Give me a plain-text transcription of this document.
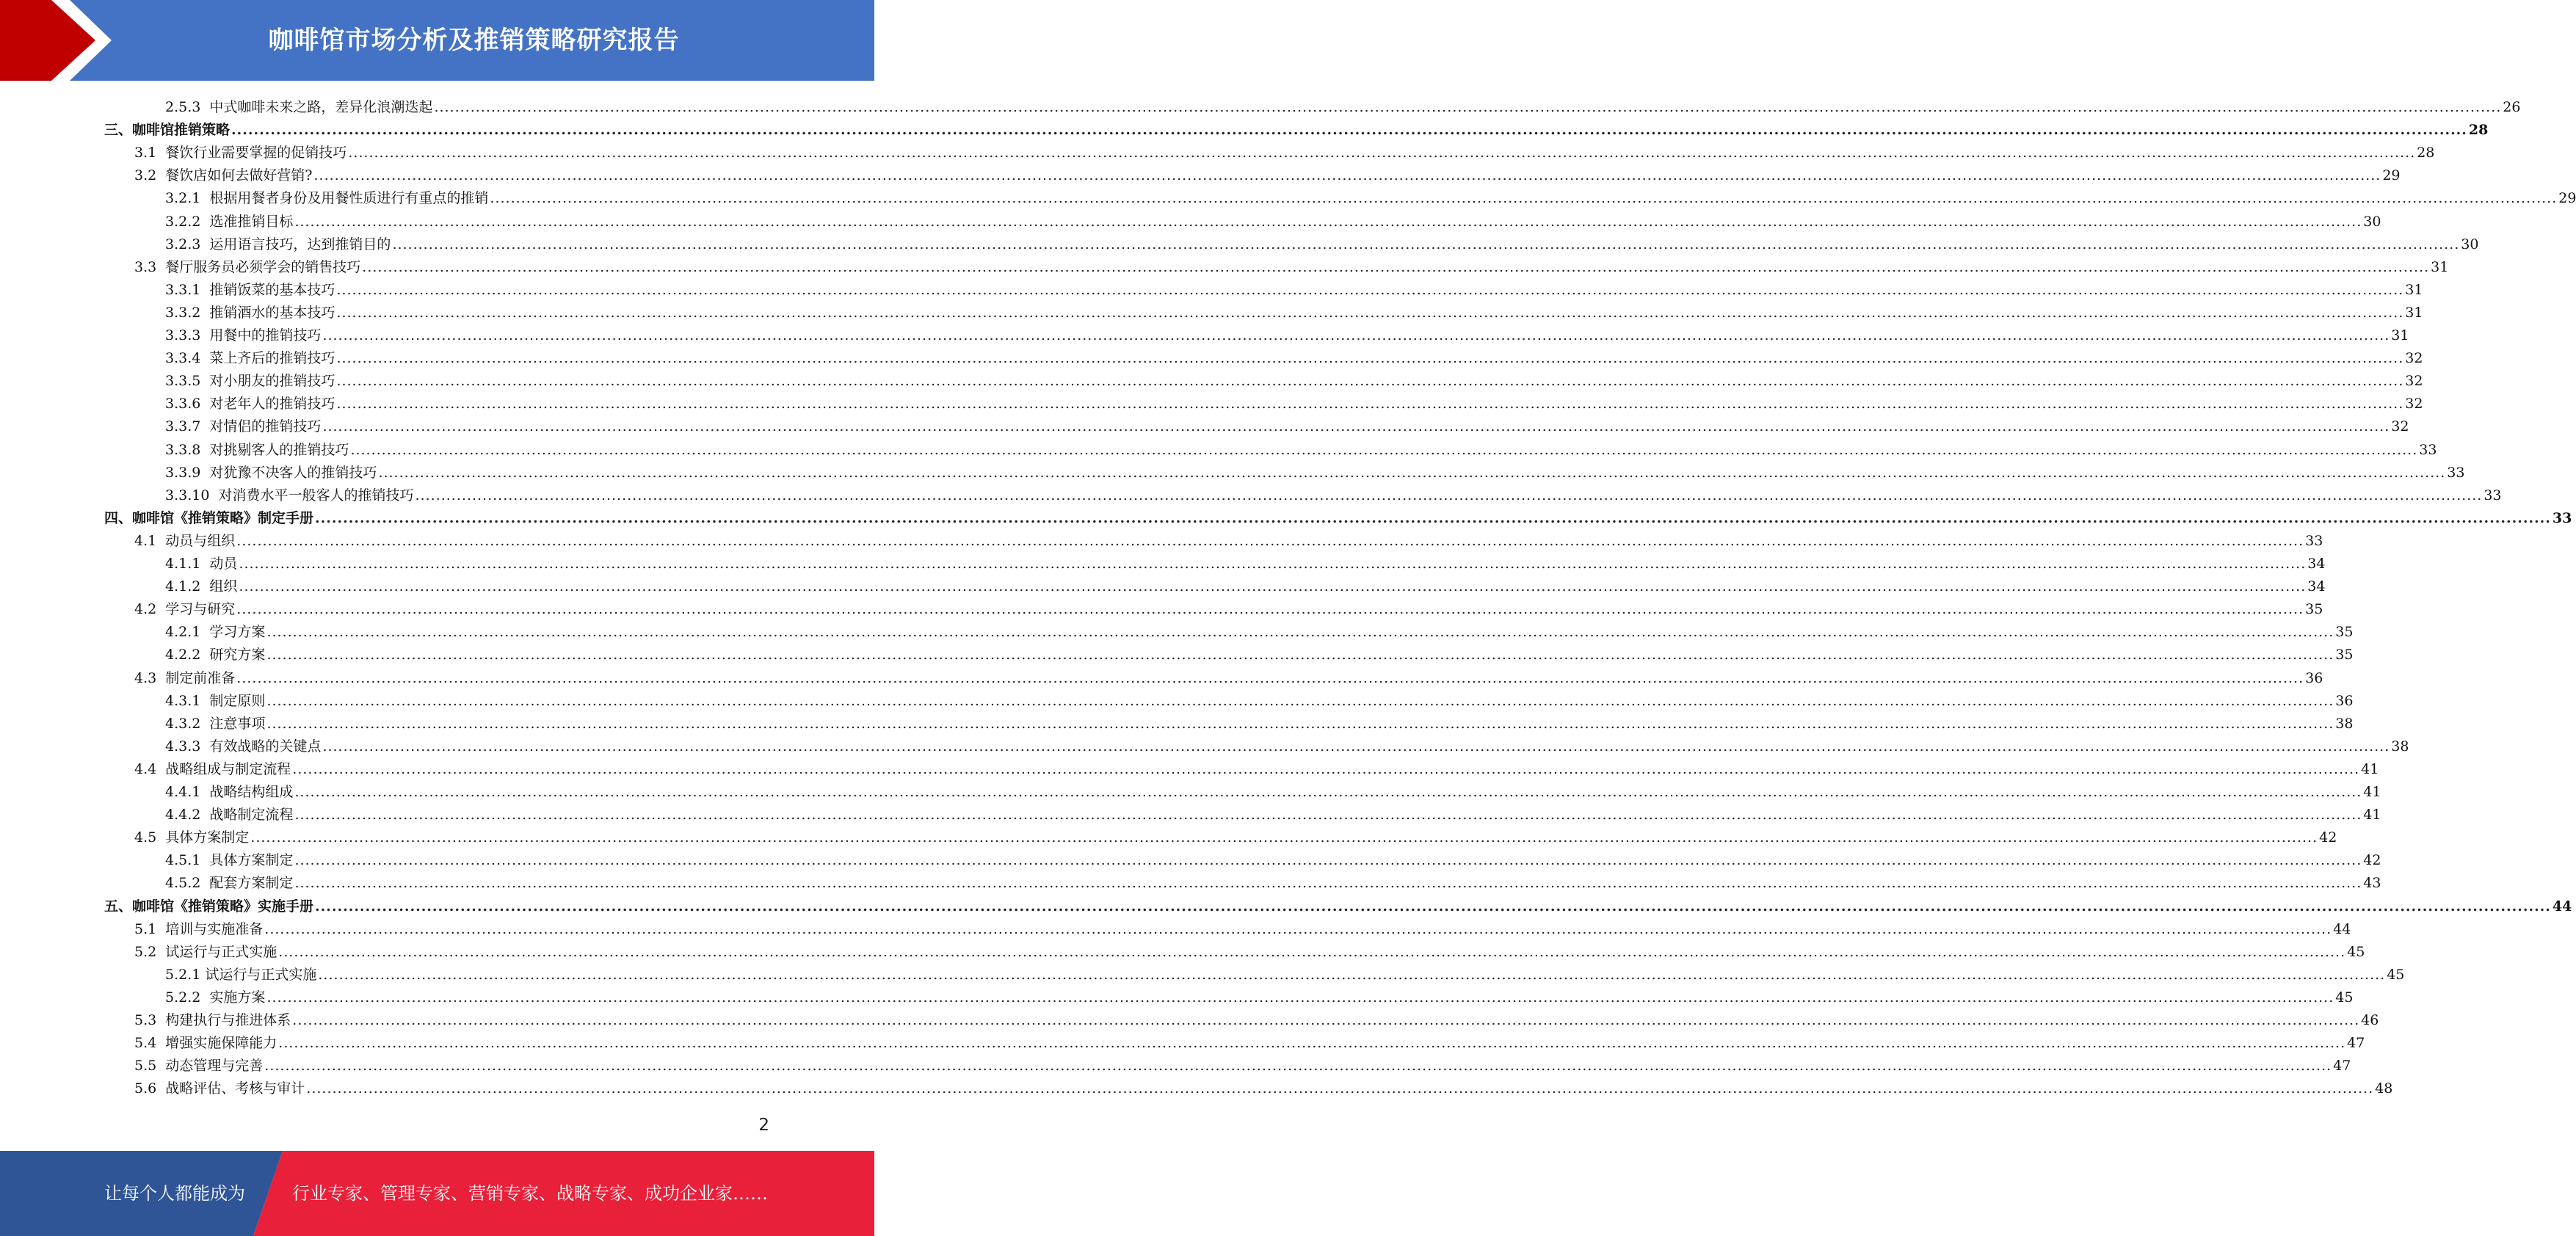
咖啡馆市场分析及推销策略研究报告
2.5.3  中式咖啡未来之路，差异化浪潮迭起 ................................................................................................................................................................................................................................................................................................................................................................................................................ 26
三、咖啡馆推销策略 ................................................................................................................................................................................................................................................................................................................................................................................................................ 28
3.1  餐饮行业需要掌握的促销技巧 ................................................................................................................................................................................................................................................................................................................................................................................................................ 28
3.2  餐饮店如何去做好营销? ................................................................................................................................................................................................................................................................................................................................................................................................................ 29
3.2.1  根据用餐者身份及用餐性质进行有重点的推销 ................................................................................................................................................................................................................................................................................................................................................................................................................ 29
3.2.2  选准推销目标 ................................................................................................................................................................................................................................................................................................................................................................................................................ 30
3.2.3  运用语言技巧，达到推销目的 ................................................................................................................................................................................................................................................................................................................................................................................................................ 30
3.3  餐厅服务员必须学会的销售技巧 ................................................................................................................................................................................................................................................................................................................................................................................................................ 31
3.3.1  推销饭菜的基本技巧 ................................................................................................................................................................................................................................................................................................................................................................................................................ 31
3.3.2  推销酒水的基本技巧 ................................................................................................................................................................................................................................................................................................................................................................................................................ 31
3.3.3  用餐中的推销技巧 ................................................................................................................................................................................................................................................................................................................................................................................................................ 31
3.3.4  菜上齐后的推销技巧 ................................................................................................................................................................................................................................................................................................................................................................................................................ 32
3.3.5  对小朋友的推销技巧 ................................................................................................................................................................................................................................................................................................................................................................................................................ 32
3.3.6  对老年人的推销技巧 ................................................................................................................................................................................................................................................................................................................................................................................................................ 32
3.3.7  对情侣的推销技巧 ................................................................................................................................................................................................................................................................................................................................................................................................................ 32
3.3.8  对挑剔客人的推销技巧 ................................................................................................................................................................................................................................................................................................................................................................................................................ 33
3.3.9  对犹豫不决客人的推销技巧 ................................................................................................................................................................................................................................................................................................................................................................................................................ 33
3.3.10  对消费水平一般客人的推销技巧 ................................................................................................................................................................................................................................................................................................................................................................................................................ 33
四、咖啡馆《推销策略》制定手册 ................................................................................................................................................................................................................................................................................................................................................................................................................ 33
4.1  动员与组织 ................................................................................................................................................................................................................................................................................................................................................................................................................ 33
4.1.1  动员 ................................................................................................................................................................................................................................................................................................................................................................................................................ 34
4.1.2  组织 ................................................................................................................................................................................................................................................................................................................................................................................................................ 34
4.2  学习与研究 ................................................................................................................................................................................................................................................................................................................................................................................................................ 35
4.2.1  学习方案 ................................................................................................................................................................................................................................................................................................................................................................................................................ 35
4.2.2  研究方案 ................................................................................................................................................................................................................................................................................................................................................................................................................ 35
4.3  制定前准备 ................................................................................................................................................................................................................................................................................................................................................................................................................ 36
4.3.1  制定原则 ................................................................................................................................................................................................................................................................................................................................................................................................................ 36
4.3.2  注意事项 ................................................................................................................................................................................................................................................................................................................................................................................................................ 38
4.3.3  有效战略的关键点 ................................................................................................................................................................................................................................................................................................................................................................................................................ 38
4.4  战略组成与制定流程 ................................................................................................................................................................................................................................................................................................................................................................................................................ 41
4.4.1  战略结构组成 ................................................................................................................................................................................................................................................................................................................................................................................................................ 41
4.4.2  战略制定流程 ................................................................................................................................................................................................................................................................................................................................................................................................................ 41
4.5  具体方案制定 ................................................................................................................................................................................................................................................................................................................................................................................................................ 42
4.5.1  具体方案制定 ................................................................................................................................................................................................................................................................................................................................................................................................................ 42
4.5.2  配套方案制定 ................................................................................................................................................................................................................................................................................................................................................................................................................ 43
五、咖啡馆《推销策略》实施手册 ................................................................................................................................................................................................................................................................................................................................................................................................................ 44
5.1  培训与实施准备 ................................................................................................................................................................................................................................................................................................................................................................................................................ 44
5.2  试运行与正式实施 ................................................................................................................................................................................................................................................................................................................................................................................................................ 45
5.2.1 试运行与正式实施 ................................................................................................................................................................................................................................................................................................................................................................................................................ 45
5.2.2  实施方案 ................................................................................................................................................................................................................................................................................................................................................................................................................ 45
5.3  构建执行与推进体系 ................................................................................................................................................................................................................................................................................................................................................................................................................ 46
5.4  增强实施保障能力 ................................................................................................................................................................................................................................................................................................................................................................................................................ 47
5.5  动态管理与完善 ................................................................................................................................................................................................................................................................................................................................................................................................................ 47
5.6  战略评估、考核与审计 ................................................................................................................................................................................................................................................................................................................................................................................................................ 48
2
让每个人都能成为	行业专家、管理专家、营销专家、战略专家、成功企业家……
